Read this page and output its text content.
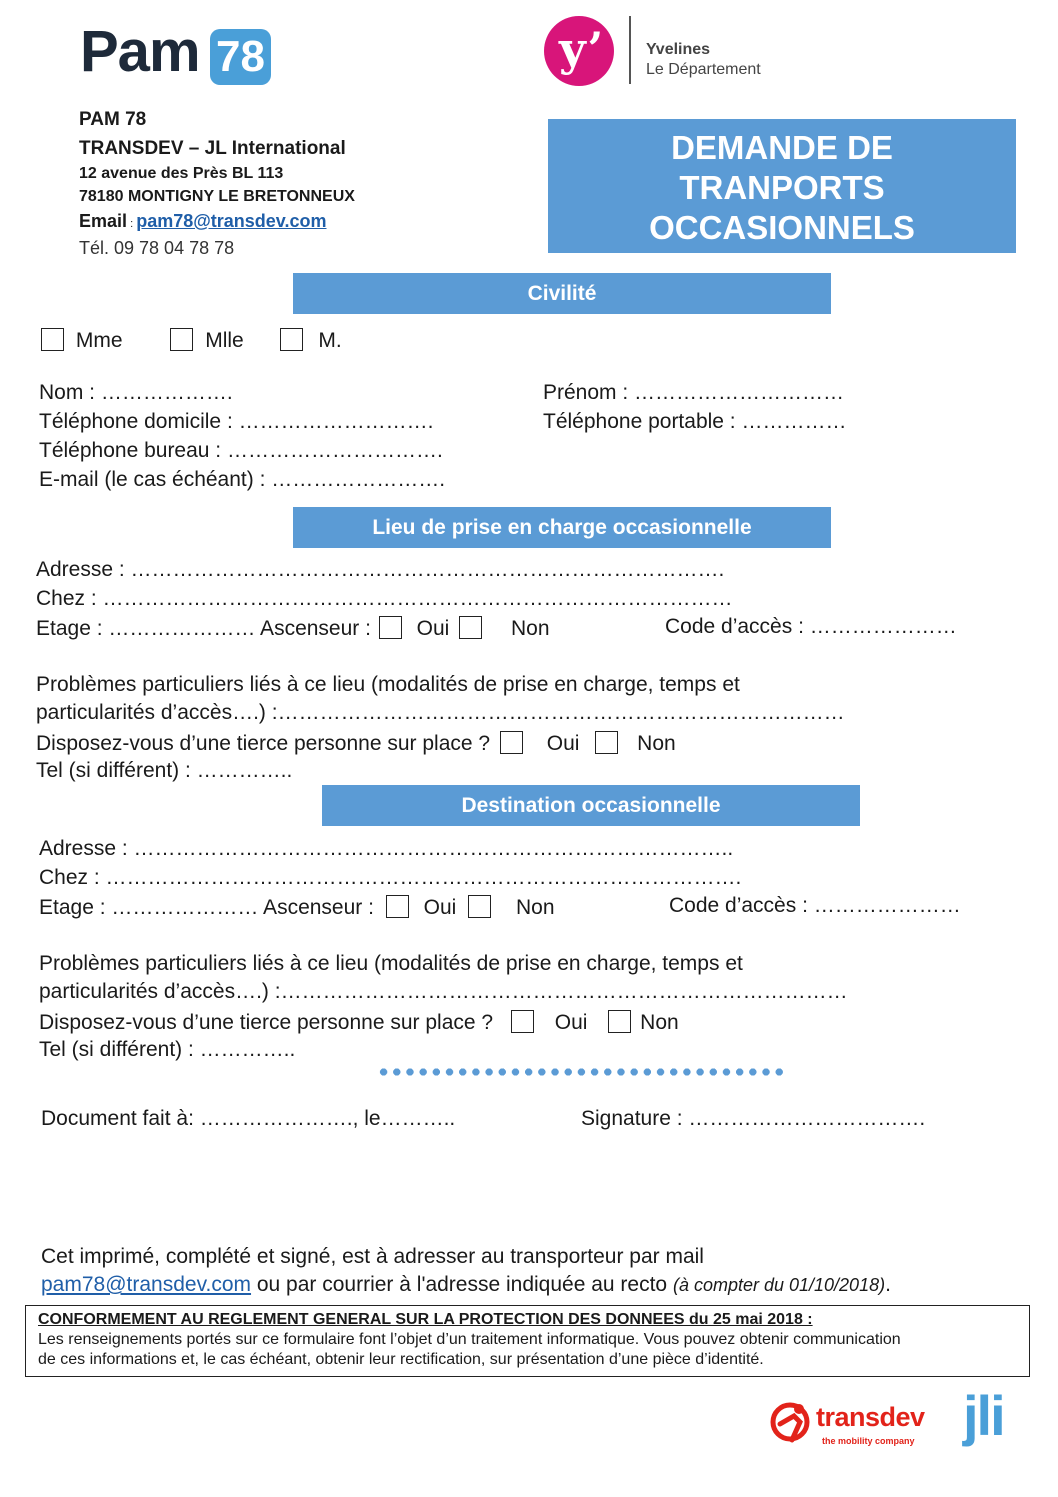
Pam 78	y’	Yvelines
Le Département
PAM 78
TRANSDEV – JL International
12 avenue des Près BL 113
78180 MONTIGNY LE BRETONNEUX
Email : pam78@transdev.com
Tél. 09 78 04 78 78
DEMANDE DE
TRANPORTS
OCCASIONNELS
Civilité
Mme	Mlle	M.
Nom : ……………….	Prénom : …………………………
Téléphone domicile : ……………………….	Téléphone portable : ……………
Téléphone bureau : ………………………….
E-mail (le cas échéant) : …………………….
Lieu de prise en charge occasionnelle
Adresse : ………………………………………………………………………….
Chez : ………………………………………………………………………………
Etage : ………………… Ascenseur : Oui	Non	Code d’accès : …………………
Problèmes particuliers liés à ce lieu (modalités de prise en charge, temps et
particularités d’accès….) :………………………………………………………………………
Disposez-vous d’une tierce personne sur place ?	Oui	Non
Tel (si différent) : …………..
Destination occasionnelle
Adresse : …………………………………………………………………………..
Chez : ……………………………………………………………………………….
Etage : ………………… Ascenseur : Oui	Non	Code d’accès : …………………
Problèmes particuliers liés à ce lieu (modalités de prise en charge, temps et
particularités d’accès….) :………………………………………………………………………
Disposez-vous d’une tierce personne sur place ?	Oui	Non
Tel (si différent) : …………..
Document fait à: …………………., le………..	Signature : …………………………….
Cet imprimé, complété et signé, est à adresser au transporteur par mail
pam78@transdev.com ou par courrier à l'adresse indiquée au recto (à compter du 01/10/2018).
CONFORMEMENT AU REGLEMENT GENERAL SUR LA PROTECTION DES DONNEES du 25 mai 2018 :
Les renseignements portés sur ce formulaire font l’objet d’un traitement informatique. Vous pouvez obtenir communication
de ces informations et, le cas échéant, obtenir leur rectification, sur présentation d’une pièce d’identité.
transdev
the mobility company jli
